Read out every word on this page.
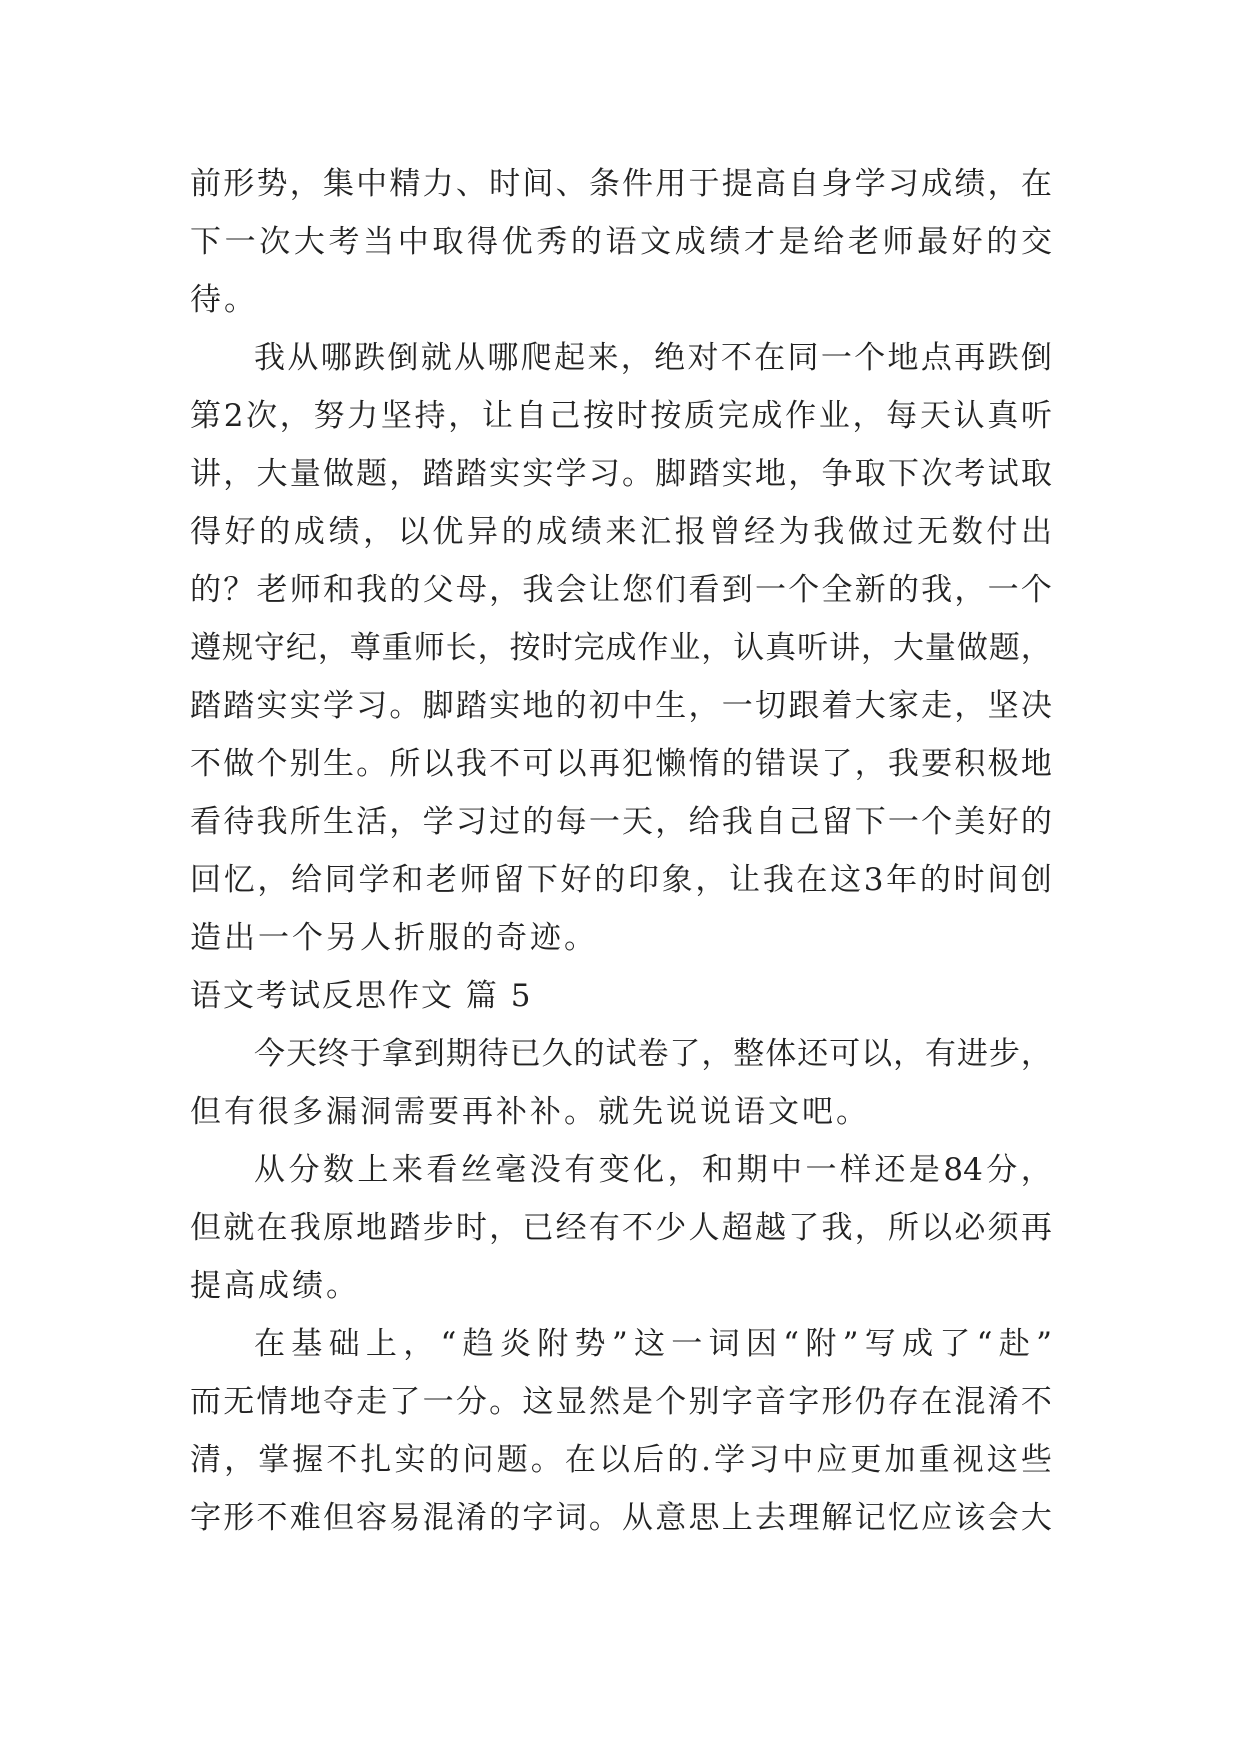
前 形 势 ， 集 中 精 力 、 时 间 、 条 件 用 于 提 高 自 身 学 习 成 绩 ， 在
下 一 次 大 考 当 中 取 得 优 秀 的 语 文 成 绩 才 是 给 老 师 最 好 的 交
待。
我 从 哪 跌 倒 就 从 哪 爬 起 来 ， 绝 对 不 在 同 一 个 地 点 再 跌 倒
第 2 次 ， 努 力 坚 持 ， 让 自 己 按 时 按 质 完 成 作 业 ， 每 天 认 真 听
讲 ， 大 量 做 题 ， 踏 踏 实 实 学 习 。 脚 踏 实 地 ， 争 取 下 次 考 试 取
得 好 的 成 绩 ， 以 优 异 的 成 绩 来 汇 报 曾 经 为 我 做 过 无 数 付 出
的 ？ 老 师 和 我 的 父 母 ， 我 会 让 您 们 看 到 一 个 全 新 的 我 ， 一 个
遵 规 守 纪 ， 尊 重 师 长 ， 按 时 完 成 作 业 ， 认 真 听 讲 ， 大 量 做 题 ，
踏 踏 实 实 学 习 。 脚 踏 实 地 的 初 中 生 ， 一 切 跟 着 大 家 走 ， 坚 决
不 做 个 别 生 。 所 以 我 不 可 以 再 犯 懒 惰 的 错 误 了 ， 我 要 积 极 地
看 待 我 所 生 活 ， 学 习 过 的 每 一 天 ， 给 我 自 己 留 下 一 个 美 好 的
回 忆 ， 给 同 学 和 老 师 留 下 好 的 印 象 ， 让 我 在 这 3 年 的 时 间 创
造出一个另人折服的奇迹。
语文考试反思作文 篇 5
今 天 终 于 拿 到 期 待 已 久 的 试 卷 了 ， 整 体 还 可 以 ， 有 进 步 ，
但有很多漏洞需要再补补。就先说说语文吧。
从 分 数 上 来 看 丝 毫 没 有 变 化 ， 和 期 中 一 样 还 是 84 分 ，
但 就 在 我 原 地 踏 步 时 ， 已 经 有 不 少 人 超 越 了 我 ， 所 以 必 须 再
提高成绩。
在 基 础 上 ， “ 趋 炎 附 势 ” 这 一 词 因 “ 附 ” 写 成 了 “ 赴 ”
而 无 情 地 夺 走 了 一 分 。 这 显 然 是 个 别 字 音 字 形 仍 存 在 混 淆 不
清 ， 掌 握 不 扎 实 的 问 题 。 在 以 后 的 . 学 习 中 应 更 加 重 视 这 些
字 形 不 难 但 容 易 混 淆 的 字 词 。 从 意 思 上 去 理 解 记 忆 应 该 会 大
